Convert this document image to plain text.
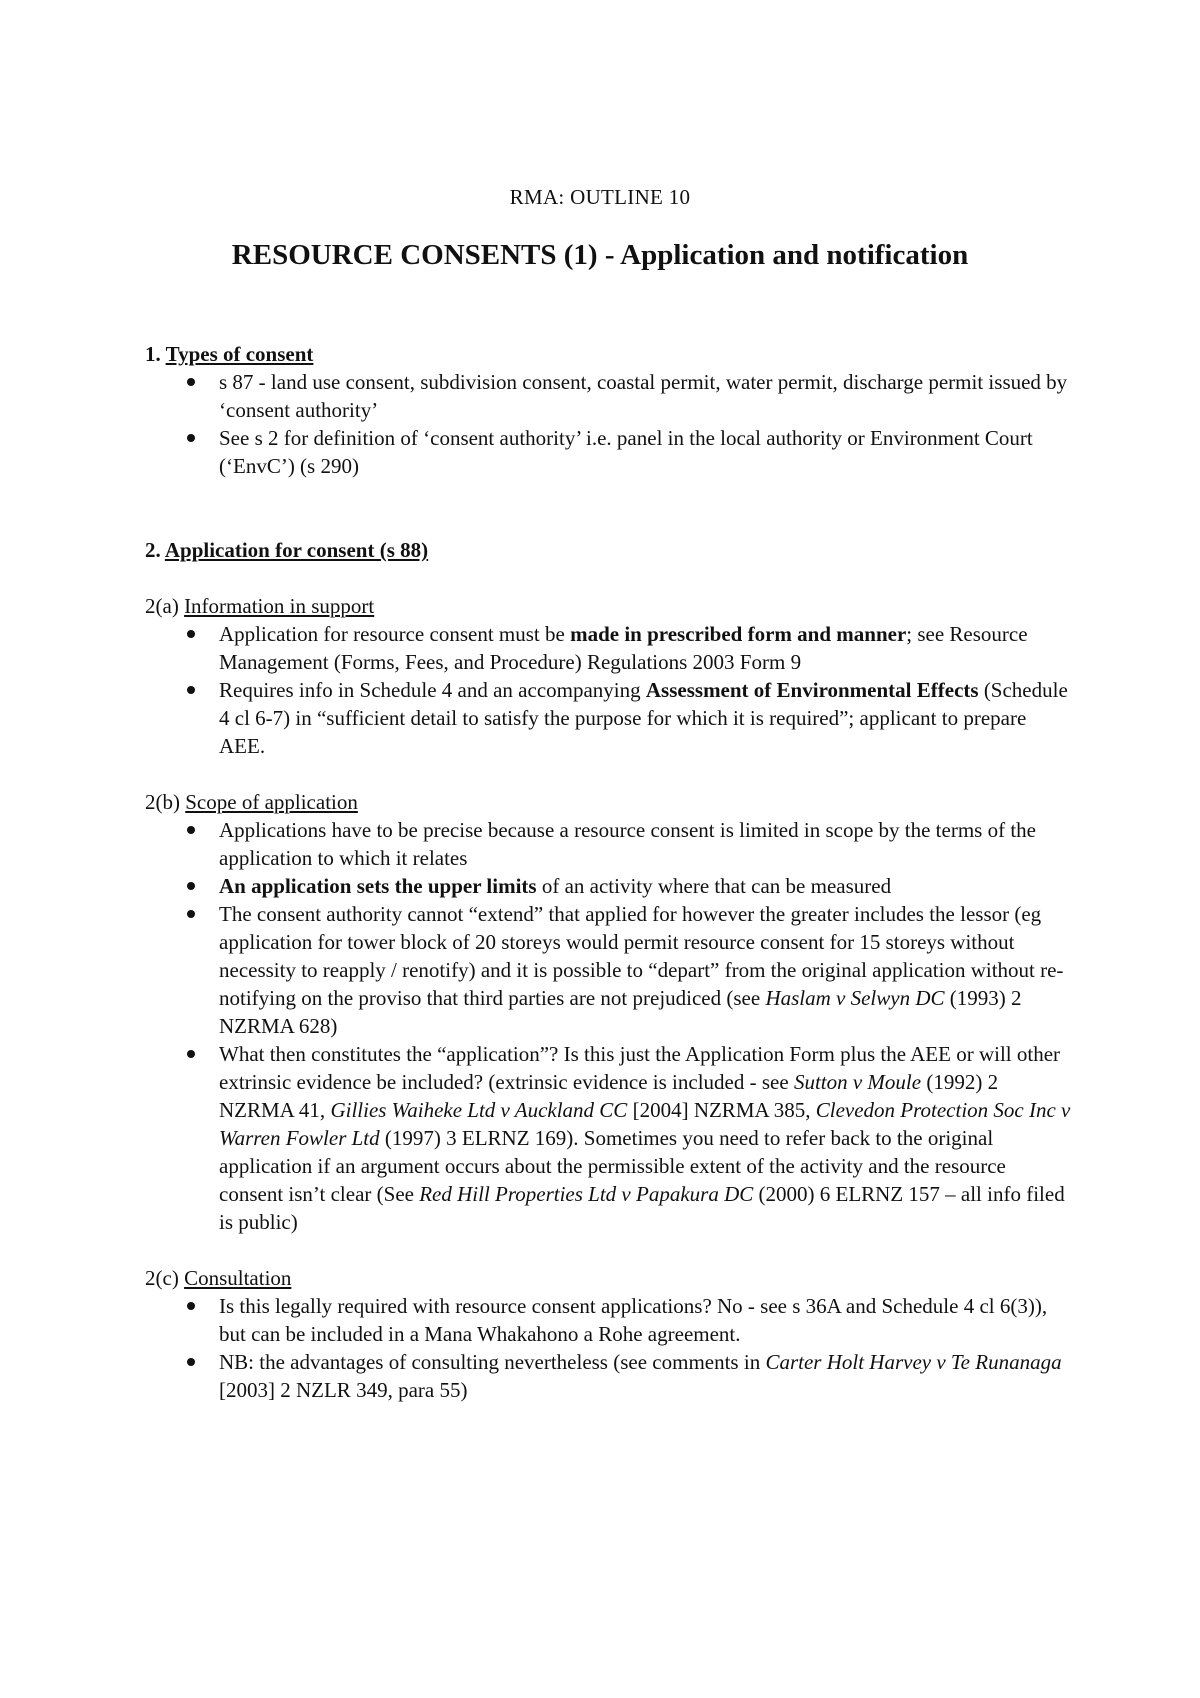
RMA: OUTLINE 10
RESOURCE CONSENTS (1) - Application and notification

1. Types of consent

s 87 - land use consent, subdivision consent, coastal permit, water permit, discharge permit issued by ‘consent authority’
See s 2 for definition of ‘consent authority’ i.e. panel in the local authority or Environment Court (‘EnvC’) (s 290)

2. Application for consent (s 88)

2(a) Information in support

Application for resource consent must be made in prescribed form and manner; see Resource Management (Forms, Fees, and Procedure) Regulations 2003 Form 9
Requires info in Schedule 4 and an accompanying Assessment of Environmental Effects (Schedule 4 cl 6-7) in “sufficient detail to satisfy the purpose for which it is required”; applicant to prepare AEE.

2(b) Scope of application

Applications have to be precise because a resource consent is limited in scope by the terms of the application to which it relates
An application sets the upper limits of an activity where that can be measured
The consent authority cannot “extend” that applied for however the greater includes the lessor (eg application for tower block of 20 storeys would permit resource consent for 15 storeys without necessity to reapply / renotify) and it is possible to “depart” from the original application without re-notifying on the proviso that third parties are not prejudiced (see Haslam v Selwyn DC (1993) 2 NZRMA 628)
What then constitutes the “application”? Is this just the Application Form plus the AEE or will other extrinsic evidence be included? (extrinsic evidence is included - see Sutton v Moule (1992) 2 NZRMA 41, Gillies Waiheke Ltd v Auckland CC [2004] NZRMA 385, Clevedon Protection Soc Inc v Warren Fowler Ltd (1997) 3 ELRNZ 169). Sometimes you need to refer back to the original application if an argument occurs about the permissible extent of the activity and the resource consent isn’t clear (See Red Hill Properties Ltd v Papakura DC (2000) 6 ELRNZ 157 – all info filed is public)

2(c) Consultation

Is this legally required with resource consent applications? No - see s 36A and Schedule 4 cl 6(3)), but can be included in a Mana Whakahono a Rohe agreement.
NB: the advantages of consulting nevertheless (see comments in Carter Holt Harvey v Te Runanaga [2003] 2 NZLR 349, para 55)
